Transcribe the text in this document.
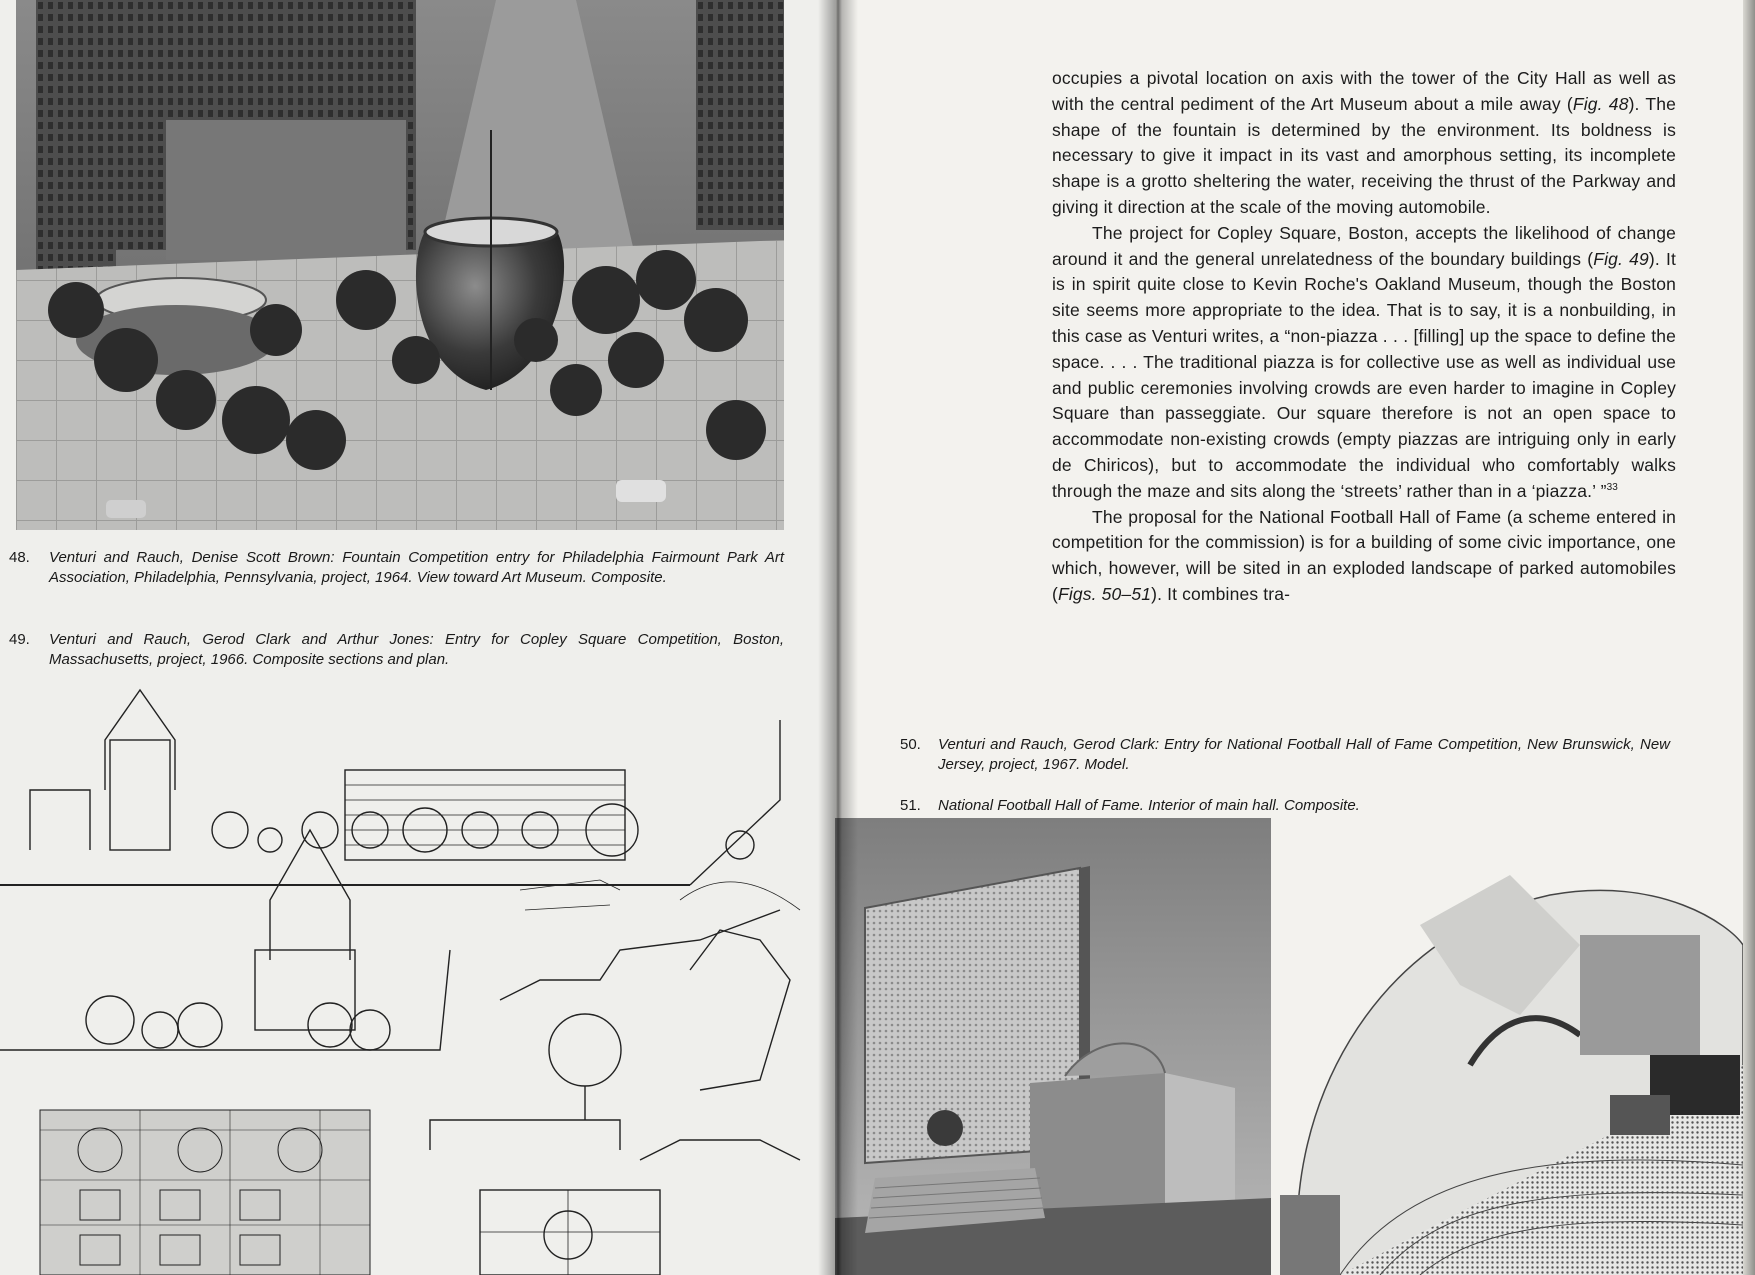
48. Venturi and Rauch, Denise Scott Brown: Fountain Competition entry for Philadelphia Fairmount Park Art Association, Philadelphia, Pennsylvania, project, 1964. View toward Art Museum. Composite.
49. Venturi and Rauch, Gerod Clark and Arthur Jones: Entry for Copley Square Competition, Boston, Massachusetts, project, 1966. Composite sections and plan.

occupies a pivotal location on axis with the tower of the City Hall as well as with the central pediment of the Art Museum about a mile away (Fig. 48). The shape of the fountain is determined by the environment. Its boldness is necessary to give it impact in its vast and amorphous setting, its incomplete shape is a grotto sheltering the water, receiving the thrust of the Parkway and giving it direction at the scale of the moving automobile.

The project for Copley Square, Boston, accepts the likelihood of change around it and the general unrelatedness of the boundary buildings (Fig. 49). It is in spirit quite close to Kevin Roche's Oakland Museum, though the Boston site seems more appropriate to the idea. That is to say, it is a nonbuilding, in this case as Venturi writes, a “non-piazza . . . [filling] up the space to define the space. . . . The traditional piazza is for collective use as well as individual use and public ceremonies involving crowds are even harder to imagine in Copley Square than passeggiate. Our square therefore is not an open space to accommodate non-existing crowds (empty piazzas are intriguing only in early de Chiricos), but to accommodate the individual who comfortably walks through the maze and sits along the ‘streets’ rather than in a ‘piazza.’ ”$^{33}$

The proposal for the National Football Hall of Fame (a scheme entered in competition for the commission) is for a building of some civic importance, one which, however, will be sited in an exploded landscape of parked automobiles (Figs. 50–51). It combines tra-

50. Venturi and Rauch, Gerod Clark: Entry for National Football Hall of Fame Competition, New Brunswick, New Jersey, project, 1967. Model.
51. National Football Hall of Fame. Interior of main hall. Composite.
